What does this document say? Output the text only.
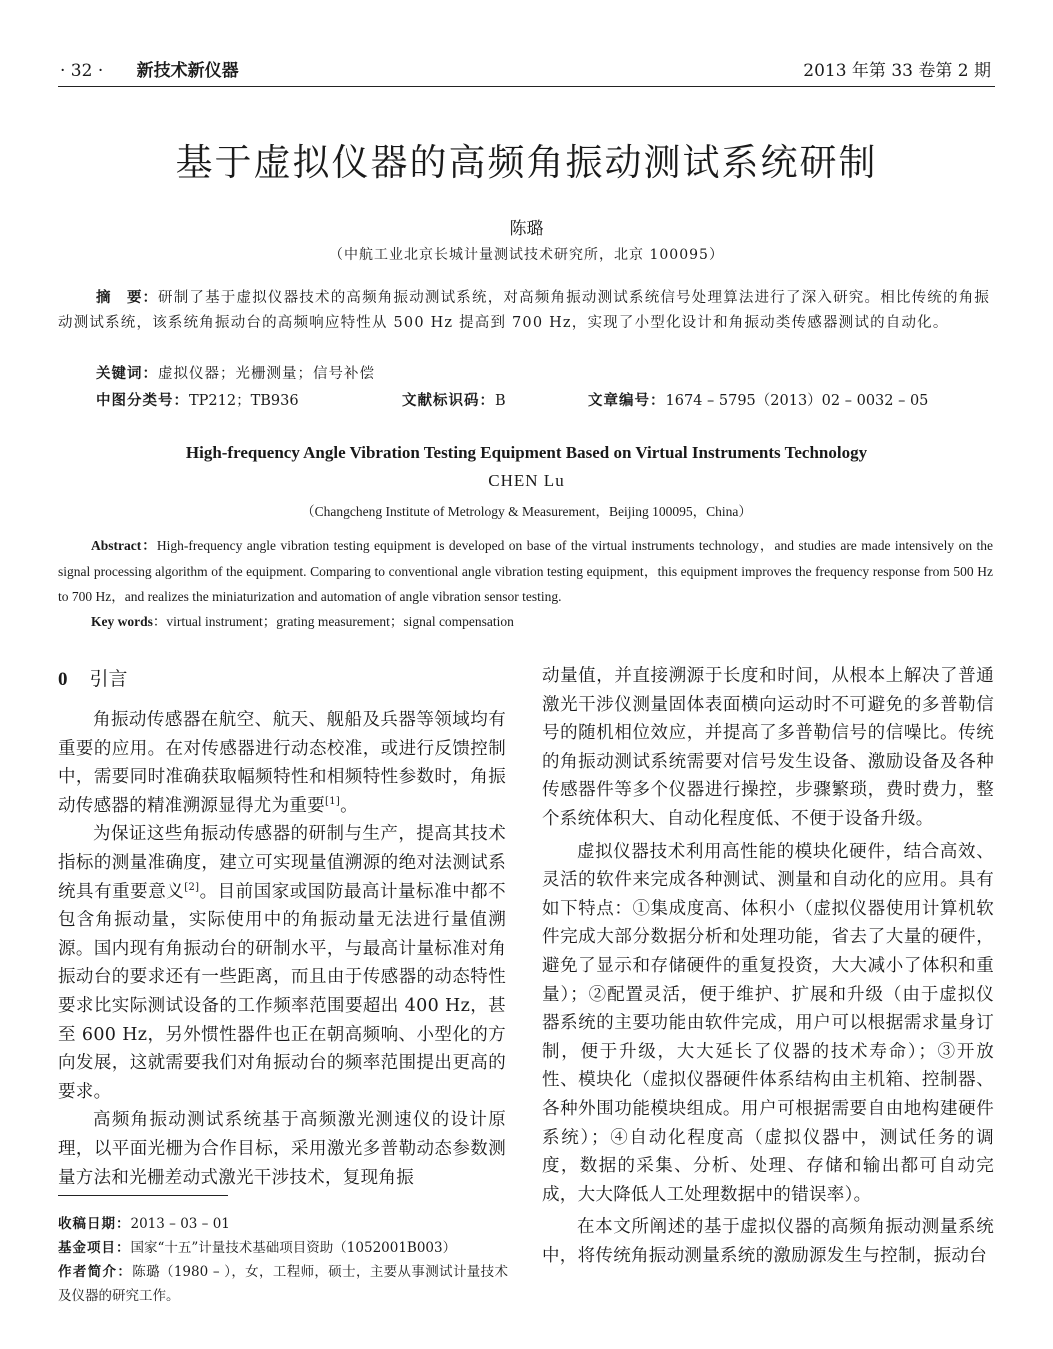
· 32 · 新技术新仪器	2013 年第 33 卷第 2 期
基于虚拟仪器的高频角振动测试系统研制
陈璐
（中航工业北京长城计量测试技术研究所，北京 100095）

摘　要：研制了基于虚拟仪器技术的高频角振动测试系统，对高频角振动测试系统信号处理算法进行了深入研究。相比传统的角振动测试系统，该系统角振动台的高频响应特性从 500 Hz 提高到 700 Hz，实现了小型化设计和角振动类传感器测试的自动化。

关键词：虚拟仪器；光栅测量；信号补偿
中图分类号：TP212；TB936	文献标识码：B	文章编号：1674 – 5795（2013）02 – 0032 – 05
High-frequency Angle Vibration Testing Equipment Based on Virtual Instruments Technology
CHEN Lu
（Changcheng Institute of Metrology & Measurement，Beijing 100095，China）

Abstract：High-frequency angle vibration testing equipment is developed on base of the virtual instruments technology，and studies are made intensively on the signal processing algorithm of the equipment. Comparing to conventional angle vibration testing equipment，this equipment improves the frequency response from 500 Hz to 700 Hz，and realizes the miniaturization and automation of angle vibration sensor testing.

Key words：virtual instrument；grating measurement；signal compensation
0 引言

角振动传感器在航空、航天、舰船及兵器等领域均有重要的应用。在对传感器进行动态校准，或进行反馈控制中，需要同时准确获取幅频特性和相频特性参数时，角振动传感器的精准溯源显得尤为重要[1]。

为保证这些角振动传感器的研制与生产，提高其技术指标的测量准确度，建立可实现量值溯源的绝对法测试系统具有重要意义[2]。目前国家或国防最高计量标准中都不包含角振动量，实际使用中的角振动量无法进行量值溯源。国内现有角振动台的研制水平，与最高计量标准对角振动台的要求还有一些距离，而且由于传感器的动态特性要求比实际测试设备的工作频率范围要超出 400 Hz，甚至 600 Hz，另外惯性器件也正在朝高频响、小型化的方向发展，这就需要我们对角振动台的频率范围提出更高的要求。

高频角振动测试系统基于高频激光测速仪的设计原理，以平面光栅为合作目标，采用激光多普勒动态参数测量方法和光栅差动式激光干涉技术，复现角振

动量值，并直接溯源于长度和时间，从根本上解决了普通激光干涉仪测量固体表面横向运动时不可避免的多普勒信号的随机相位效应，并提高了多普勒信号的信噪比。传统的角振动测试系统需要对信号发生设备、激励设备及各种传感器件等多个仪器进行操控，步骤繁琐，费时费力，整个系统体积大、自动化程度低、不便于设备升级。

虚拟仪器技术利用高性能的模块化硬件，结合高效、灵活的软件来完成各种测试、测量和自动化的应用。具有如下特点：①集成度高、体积小（虚拟仪器使用计算机软件完成大部分数据分析和处理功能，省去了大量的硬件，避免了显示和存储硬件的重复投资，大大减小了体积和重量）；②配置灵活，便于维护、扩展和升级（由于虚拟仪器系统的主要功能由软件完成，用户可以根据需求量身订制，便于升级，大大延长了仪器的技术寿命）；③开放性、模块化（虚拟仪器硬件体系结构由主机箱、控制器、各种外围功能模块组成。用户可根据需要自由地构建硬件系统）；④自动化程度高（虚拟仪器中，测试任务的调度，数据的采集、分析、处理、存储和输出都可自动完成，大大降低人工处理数据中的错误率）。

在本文所阐述的基于虚拟仪器的高频角振动测量系统中，将传统角振动测量系统的激励源发生与控制，振动台

收稿日期：2013 – 03 – 01
基金项目：国家“十五”计量技术基础项目资助（1052001B003）
作者简介：陈璐（1980 – ），女，工程师，硕士，主要从事测试计量技术及仪器的研究工作。
